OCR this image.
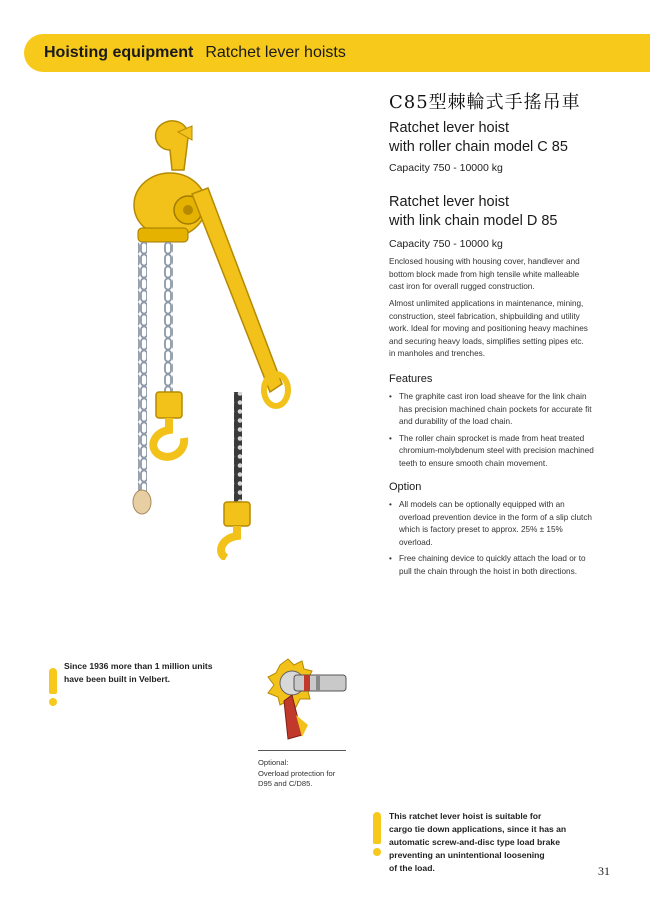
Hoisting equipment Ratchet lever hoists
C85型棘輪式手搖吊車
Ratchet lever hoist
with roller chain model C 85
Capacity 750 - 10000 kg
Ratchet lever hoist
with link chain model D 85
Capacity 750 - 10000 kg
Enclosed housing with housing cover, handlever and bottom block made from high tensile white malleable cast iron for overall rugged construction.
Almost unlimited applications in maintenance, mining, construction, steel fabrication, shipbuilding and utility work. Ideal for moving and positioning heavy machines and securing heavy loads, simplifies setting pipes etc. in manholes and trenches.
Features
• The graphite cast iron load sheave for the link chain has precision machined chain pockets for accurate fit and durability of the load chain.
• The roller chain sprocket is made from heat treated chromium-molybdenum steel with precision machined teeth to ensure smooth chain movement.
Option
• All models can be optionally equipped with an overload prevention device in the form of a slip clutch which is factory preset to approx. 25% ± 15% overload.
• Free chaining device to quickly attach the load or to pull the chain through the hoist in both directions.
Since 1936 more than 1 million units
have been built in Velbert.
Optional:
Overload protection for
D95 and C/D85.
This ratchet lever hoist is suitable for
cargo tie down applications, since it has an
automatic screw-and-disc type load brake
preventing an unintentional loosening
of the load.	31
